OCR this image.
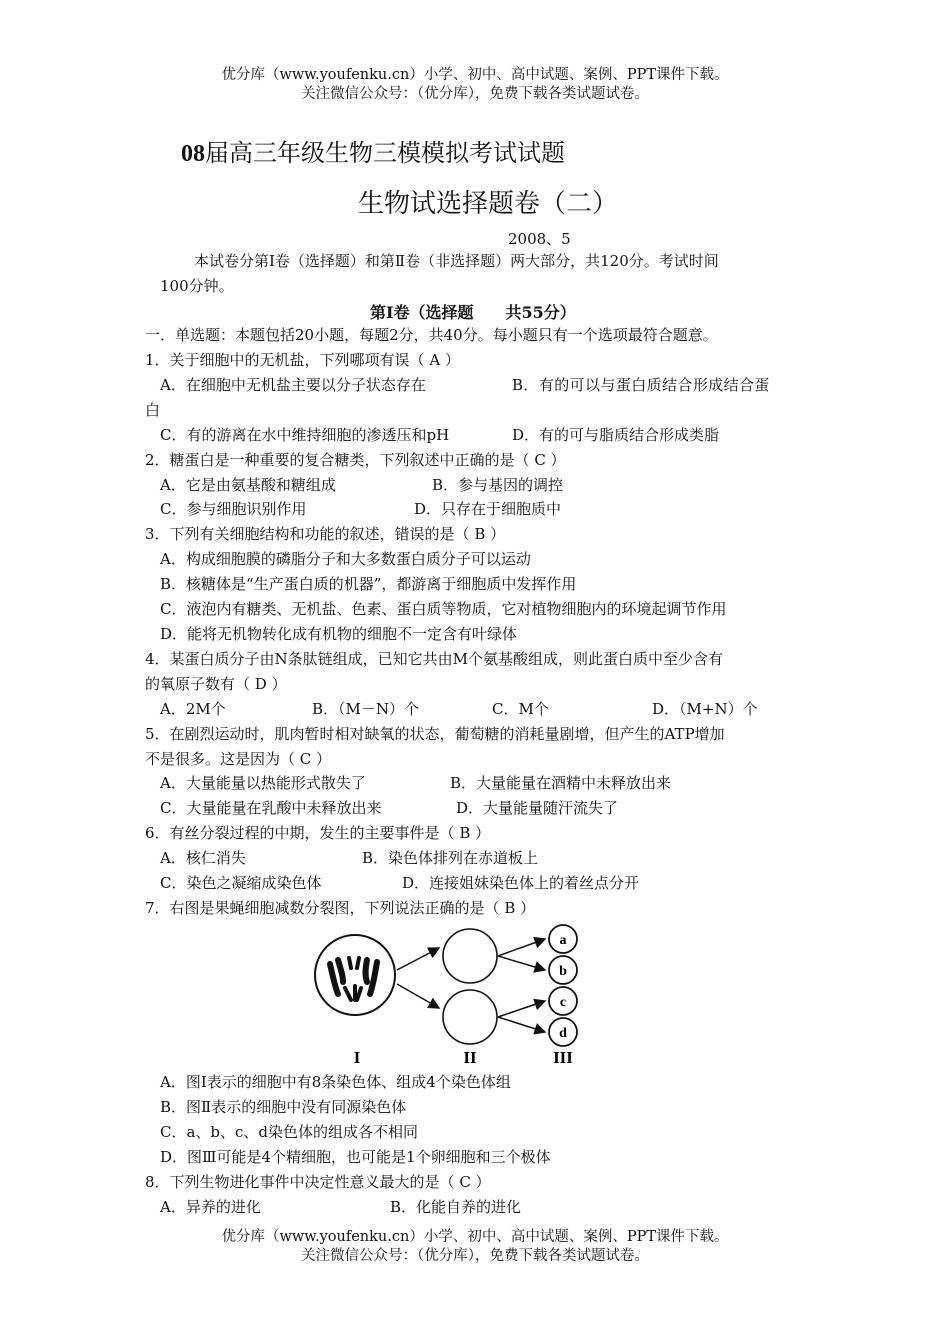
优分库（www.youfenku.cn）小学、初中、高中试题、案例、PPT课件下载。
关注微信公众号：（优分库），免费下载各类试题试卷。
08届高三年级生物三模模拟考试试题
生物试选择题卷（二）
2008、5
本试卷分第Ⅰ卷（选择题）和第Ⅱ卷（非选择题）两大部分，共120分。考试时间
100分钟。
第Ⅰ卷（选择题　　共55分）
一．单选题：本题包括20小题，每题2分，共40分。每小题只有一个选项最符合题意。
1．关于细胞中的无机盐，下列哪项有误（ A ）
A．在细胞中无机盐主要以分子状态存在	B．有的可以与蛋白质结合形成结合蛋
白
C．有的游离在水中维持细胞的渗透压和pH	D．有的可与脂质结合形成类脂
2．糖蛋白是一种重要的复合糖类，下列叙述中正确的是（ C ）
A．它是由氨基酸和糖组成	B．参与基因的调控
C．参与细胞识别作用	D．只存在于细胞质中
3．下列有关细胞结构和功能的叙述，错误的是（ B ）
A．构成细胞膜的磷脂分子和大多数蛋白质分子可以运动
B．核糖体是“生产蛋白质的机器”，都游离于细胞质中发挥作用
C．液泡内有糖类、无机盐、色素、蛋白质等物质，它对植物细胞内的环境起调节作用
D．能将无机物转化成有机物的细胞不一定含有叶绿体
4．某蛋白质分子由N条肽链组成，已知它共由M个氨基酸组成，则此蛋白质中至少含有
的氧原子数有（ D ）
A．2M个	B．（M－N）个	C．M个	D．（M+N）个
5．在剧烈运动时，肌肉暂时相对缺氧的状态，葡萄糖的消耗量剧增，但产生的ATP增加
不是很多。这是因为（ C ）
A．大量能量以热能形式散失了	B．大量能量在酒精中未释放出来
C．大量能量在乳酸中未释放出来	D．大量能量随汗流失了
6．有丝分裂过程的中期，发生的主要事件是（ B ）
A．核仁消失	B．染色体排列在赤道板上
C．染色之凝缩成染色体	D．连接姐妹染色体上的着丝点分开
7．右图是果蝇细胞减数分裂图，下列说法正确的是（ B ）
a
b
c
d
I	II	III
A．图Ⅰ表示的细胞中有8条染色体、组成4个染色体组
B．图Ⅱ表示的细胞中没有同源染色体
C．a、b、c、d染色体的组成各不相同
D．图Ⅲ可能是4个精细胞，也可能是1个卵细胞和三个极体
8．下列生物进化事件中决定性意义最大的是（ C ）
A．异养的进化	B．化能自养的进化
优分库（www.youfenku.cn）小学、初中、高中试题、案例、PPT课件下载。
关注微信公众号：（优分库），免费下载各类试题试卷。
